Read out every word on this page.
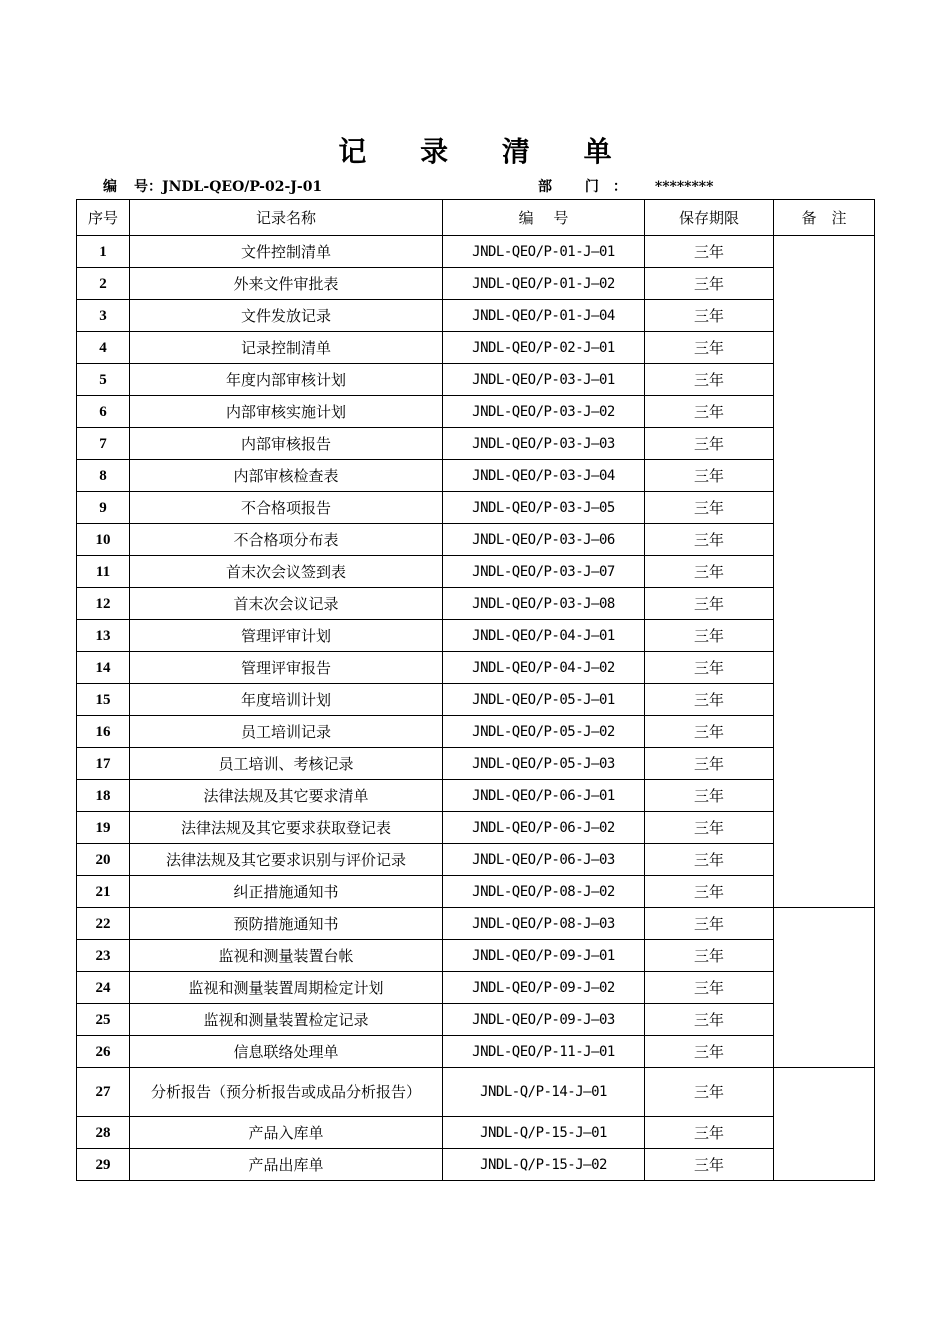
记 录 清 单
编号：JNDL-QEO/P-02-J-01	部 门： ********
序号	记录名称	编　 号	保存期限	备　注
1	文件控制清单	JNDL-QEO/P-01-J—01	三年	
2	外来文件审批表	JNDL-QEO/P-01-J—02	三年	
3	文件发放记录	JNDL-QEO/P-01-J—04	三年	
4	记录控制清单	JNDL-QEO/P-02-J—01	三年	
5	年度内部审核计划	JNDL-QEO/P-03-J—01	三年	
6	内部审核实施计划	JNDL-QEO/P-03-J—02	三年	
7	内部审核报告	JNDL-QEO/P-03-J—03	三年	
8	内部审核检查表	JNDL-QEO/P-03-J—04	三年	
9	不合格项报告	JNDL-QEO/P-03-J—05	三年	
10	不合格项分布表	JNDL-QEO/P-03-J—06	三年	
11	首末次会议签到表	JNDL-QEO/P-03-J—07	三年	
12	首末次会议记录	JNDL-QEO/P-03-J—08	三年	
13	管理评审计划	JNDL-QEO/P-04-J—01	三年	
14	管理评审报告	JNDL-QEO/P-04-J—02	三年	
15	年度培训计划	JNDL-QEO/P-05-J—01	三年	
16	员工培训记录	JNDL-QEO/P-05-J—02	三年	
17	员工培训、考核记录	JNDL-QEO/P-05-J—03	三年	
18	法律法规及其它要求清单	JNDL-QEO/P-06-J—01	三年	
19	法律法规及其它要求获取登记表	JNDL-QEO/P-06-J—02	三年	
20	法律法规及其它要求识别与评价记录	JNDL-QEO/P-06-J—03	三年	
21	纠正措施通知书	JNDL-QEO/P-08-J—02	三年	
22	预防措施通知书	JNDL-QEO/P-08-J—03	三年	
23	监视和测量装置台帐	JNDL-QEO/P-09-J—01	三年	
24	监视和测量装置周期检定计划	JNDL-QEO/P-09-J—02	三年	
25	监视和测量装置检定记录	JNDL-QEO/P-09-J—03	三年	
26	信息联络处理单	JNDL-QEO/P-11-J—01	三年	
27	分析报告（预分析报告或成品分析报告）	JNDL-Q/P-14-J—01	三年	
28	产品入库单	JNDL-Q/P-15-J—01	三年	
29	产品出库单	JNDL-Q/P-15-J—02	三年	
